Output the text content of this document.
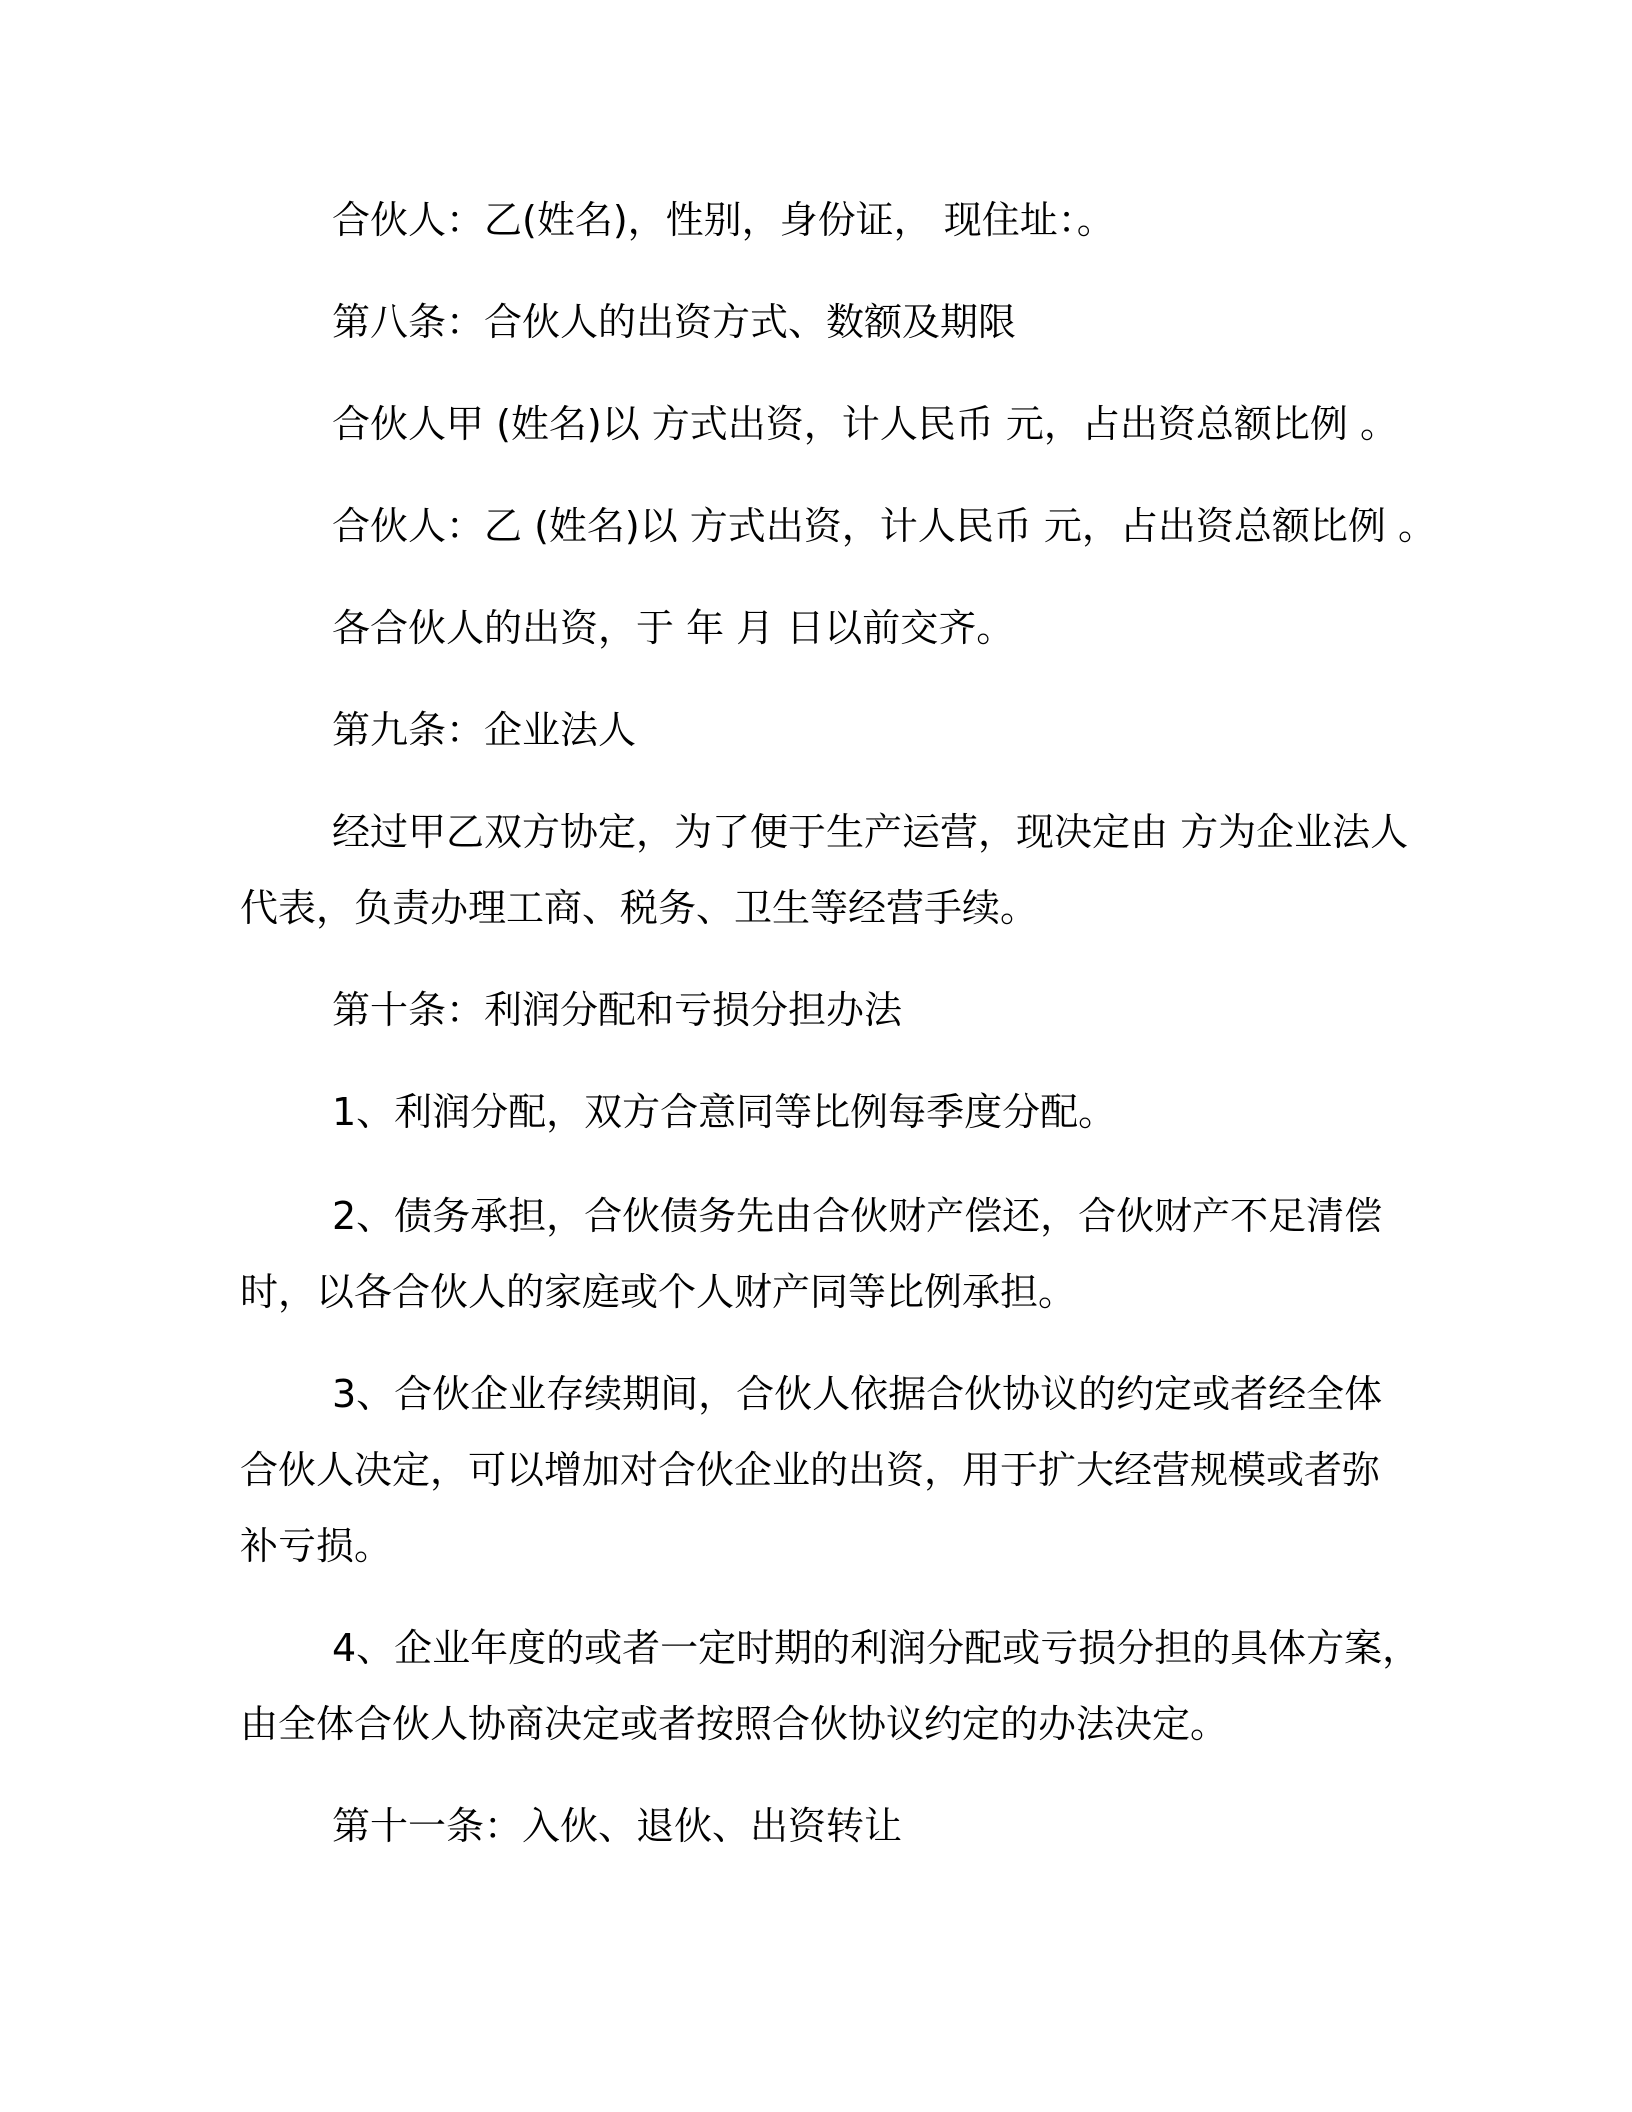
合伙人：乙(姓名)，性别，身份证， 现住址：。
第八条：合伙人的出资方式、数额及期限
合伙人甲 (姓名)以 方式出资，计人民币 元，占出资总额比例 。
合伙人：乙 (姓名)以 方式出资，计人民币 元，占出资总额比例 。
各合伙人的出资，于 年 月 日以前交齐。
第九条：企业法人
经过甲乙双方协定，为了便于生产运营，现决定由 方为企业法人
代表，负责办理工商、税务、卫生等经营手续。
第十条：利润分配和亏损分担办法
1、利润分配，双方合意同等比例每季度分配。
2、债务承担，合伙债务先由合伙财产偿还，合伙财产不足清偿
时，以各合伙人的家庭或个人财产同等比例承担。
3、合伙企业存续期间，合伙人依据合伙协议的约定或者经全体
合伙人决定，可以增加对合伙企业的出资，用于扩大经营规模或者弥
补亏损。
4、企业年度的或者一定时期的利润分配或亏损分担的具体方案，
由全体合伙人协商决定或者按照合伙协议约定的办法决定。
第十一条：入伙、退伙、出资转让
